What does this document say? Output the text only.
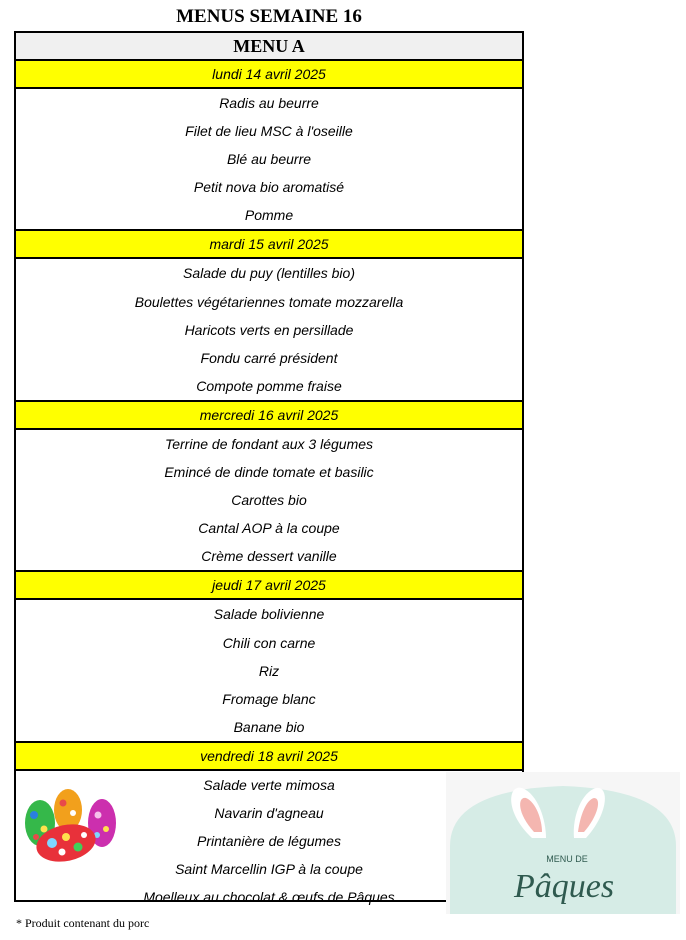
MENUS SEMAINE 16
MENU A
lundi 14 avril 2025
Radis au beurre
Filet de lieu MSC à l'oseille
Blé au beurre
Petit nova bio aromatisé
Pomme
mardi 15 avril 2025
Salade du puy (lentilles bio)
Boulettes végétariennes tomate mozzarella
Haricots verts en persillade
Fondu carré président
Compote pomme fraise
mercredi 16 avril 2025
Terrine de fondant aux 3 légumes
Emincé de dinde tomate et basilic
Carottes bio
Cantal AOP à la coupe
Crème dessert vanille
jeudi 17 avril 2025
Salade bolivienne
Chili con carne
Riz
Fromage blanc
Banane bio
vendredi 18 avril 2025
Salade verte mimosa
Navarin d'agneau
Printanière de légumes
Saint Marcellin IGP à la coupe
Moelleux au chocolat & œufs de Pâques
MENU DE
Pâques
* Produit contenant du porc
